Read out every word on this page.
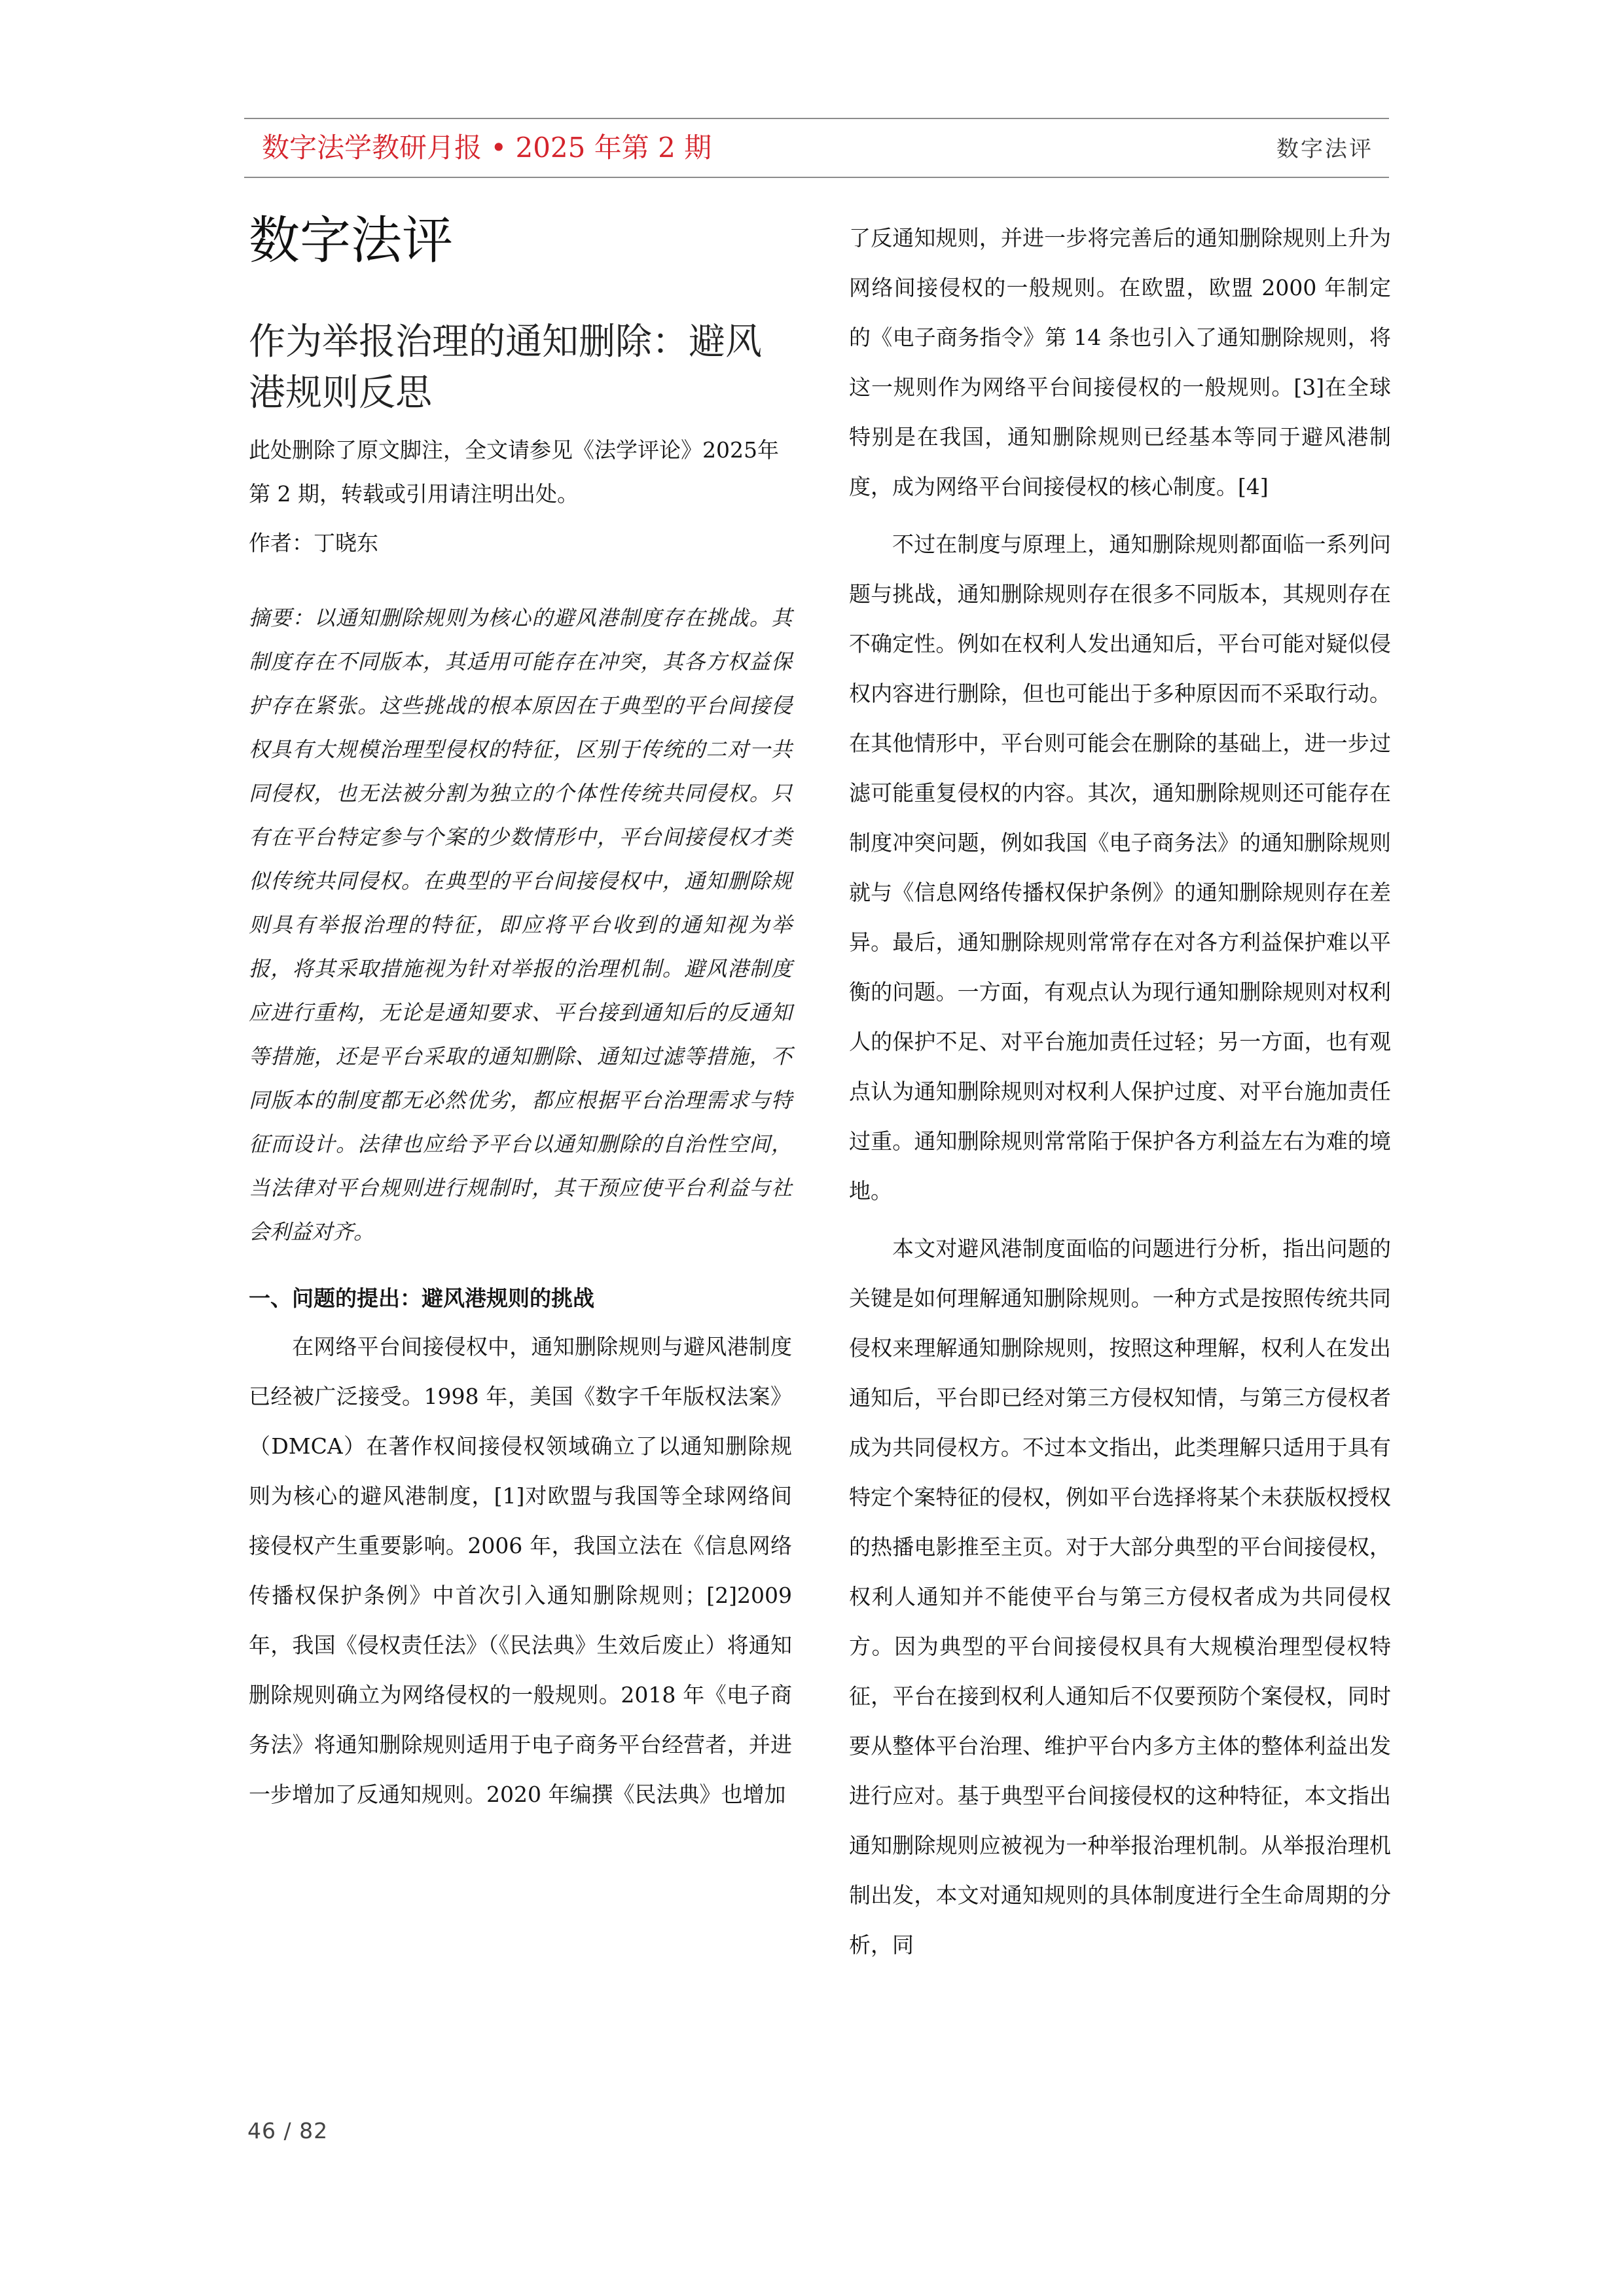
数字法学教研月报 • 2025 年第 2 期	数字法评
数字法评
作为举报治理的通知删除：避风港规则反思

此处删除了原文脚注，全文请参见《法学评论》2025年第 2 期，转载或引用请注明出处。

作者：丁晓东

摘要：以通知删除规则为核心的避风港制度存在挑战。其制度存在不同版本，其适用可能存在冲突，其各方权益保护存在紧张。这些挑战的根本原因在于典型的平台间接侵权具有大规模治理型侵权的特征，区别于传统的二对一共同侵权，也无法被分割为独立的个体性传统共同侵权。只有在平台特定参与个案的少数情形中，平台间接侵权才类似传统共同侵权。在典型的平台间接侵权中，通知删除规则具有举报治理的特征，即应将平台收到的通知视为举报，将其采取措施视为针对举报的治理机制。避风港制度应进行重构，无论是通知要求、平台接到通知后的反通知等措施，还是平台采取的通知删除、通知过滤等措施，不同版本的制度都无必然优劣，都应根据平台治理需求与特征而设计。法律也应给予平台以通知删除的自治性空间，当法律对平台规则进行规制时，其干预应使平台利益与社会利益对齐。

一、问题的提出：避风港规则的挑战

在网络平台间接侵权中，通知删除规则与避风港制度已经被广泛接受。1998 年，美国《数字千年版权法案》（DMCA）在著作权间接侵权领域确立了以通知删除规则为核心的避风港制度，[1]对欧盟与我国等全球网络间接侵权产生重要影响。2006 年，我国立法在《信息网络传播权保护条例》中首次引入通知删除规则；[2]2009 年，我国《侵权责任法》（《民法典》生效后废止）将通知删除规则确立为网络侵权的一般规则。2018 年《电子商务法》将通知删除规则适用于电子商务平台经营者，并进一步增加了反通知规则。2020 年编撰《民法典》也增加

了反通知规则，并进一步将完善后的通知删除规则上升为网络间接侵权的一般规则。在欧盟，欧盟 2000 年制定的《电子商务指令》第 14 条也引入了通知删除规则，将这一规则作为网络平台间接侵权的一般规则。[3]在全球特别是在我国，通知删除规则已经基本等同于避风港制度，成为网络平台间接侵权的核心制度。[4]

不过在制度与原理上，通知删除规则都面临一系列问题与挑战，通知删除规则存在很多不同版本，其规则存在不确定性。例如在权利人发出通知后，平台可能对疑似侵权内容进行删除，但也可能出于多种原因而不采取行动。在其他情形中，平台则可能会在删除的基础上，进一步过滤可能重复侵权的内容。其次，通知删除规则还可能存在制度冲突问题，例如我国《电子商务法》的通知删除规则就与《信息网络传播权保护条例》的通知删除规则存在差异。最后，通知删除规则常常存在对各方利益保护难以平衡的问题。一方面，有观点认为现行通知删除规则对权利人的保护不足、对平台施加责任过轻；另一方面，也有观点认为通知删除规则对权利人保护过度、对平台施加责任过重。通知删除规则常常陷于保护各方利益左右为难的境地。

本文对避风港制度面临的问题进行分析，指出问题的关键是如何理解通知删除规则。一种方式是按照传统共同侵权来理解通知删除规则，按照这种理解，权利人在发出通知后，平台即已经对第三方侵权知情，与第三方侵权者成为共同侵权方。不过本文指出，此类理解只适用于具有特定个案特征的侵权，例如平台选择将某个未获版权授权的热播电影推至主页。对于大部分典型的平台间接侵权，权利人通知并不能使平台与第三方侵权者成为共同侵权方。因为典型的平台间接侵权具有大规模治理型侵权特征，平台在接到权利人通知后不仅要预防个案侵权，同时要从整体平台治理、维护平台内多方主体的整体利益出发进行应对。基于典型平台间接侵权的这种特征，本文指出通知删除规则应被视为一种举报治理机制。从举报治理机制出发，本文对通知规则的具体制度进行全生命周期的分析，同

46 / 82
